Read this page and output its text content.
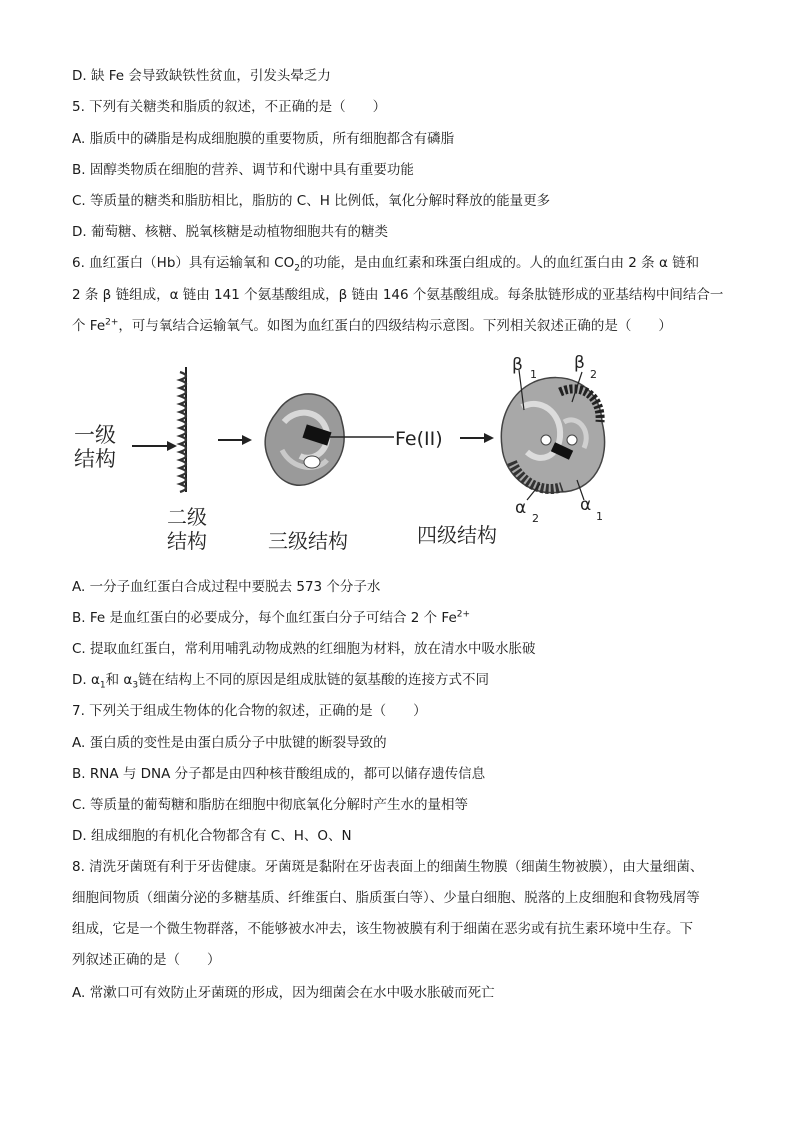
D. 缺 Fe 会导致缺铁性贫血，引发头晕乏力
5. 下列有关糖类和脂质的叙述，不正确的是（　　）
A. 脂质中的磷脂是构成细胞膜的重要物质，所有细胞都含有磷脂
B. 固醇类物质在细胞的营养、调节和代谢中具有重要功能
C. 等质量的糖类和脂肪相比，脂肪的 C、H 比例低，氧化分解时释放的能量更多
D. 葡萄糖、核糖、脱氧核糖是动植物细胞共有的糖类
6. 血红蛋白（Hb）具有运输氧和 $CO_2$的功能，是由血红素和珠蛋白组成的。人的血红蛋白由 2 条 α 链和
2 条 β 链组成，α 链由 141 个氨基酸组成，β 链由 146 个氨基酸组成。每条肽链形成的亚基结构中间结合一
个 $Fe^{2+}$，可与氧结合运输氧气。如图为血红蛋白的四级结构示意图。下列相关叙述正确的是（　　）
一级
结构
二级
结构
Fe(II)
三级结构
β 1
β
2
α
2
α
1
四级结构
A. 一分子血红蛋白合成过程中要脱去 573 个分子水
B. Fe 是血红蛋白的必要成分，每个血红蛋白分子可结合 2 个 $Fe^{2+}$
C. 提取血红蛋白，常利用哺乳动物成熟的红细胞为材料，放在清水中吸水胀破
D. $\alpha_1$和 $\alpha_3$链在结构上不同的原因是组成肽链的氨基酸的连接方式不同
7. 下列关于组成生物体的化合物的叙述，正确的是（　　）
A. 蛋白质的变性是由蛋白质分子中肽键的断裂导致的
B. RNA 与 DNA 分子都是由四种核苷酸组成的，都可以储存遗传信息
C. 等质量的葡萄糖和脂肪在细胞中彻底氧化分解时产生水的量相等
D. 组成细胞的有机化合物都含有 C、H、O、N
8. 清洗牙菌斑有利于牙齿健康。牙菌斑是黏附在牙齿表面上的细菌生物膜（细菌生物被膜），由大量细菌、
细胞间物质（细菌分泌的多糖基质、纤维蛋白、脂质蛋白等）、少量白细胞、脱落的上皮细胞和食物残屑等
组成，它是一个微生物群落，不能够被水冲去，该生物被膜有利于细菌在恶劣或有抗生素环境中生存。下
列叙述正确的是（　　）
A. 常漱口可有效防止牙菌斑的形成，因为细菌会在水中吸水胀破而死亡
